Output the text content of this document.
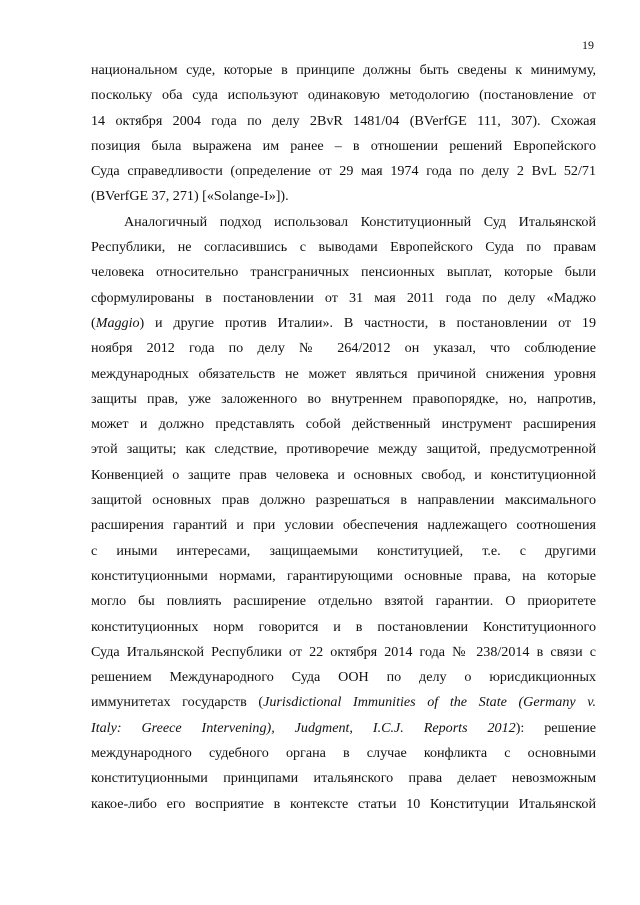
19
национальном суде, которые в принципе должны быть сведены к минимуму,
поскольку оба суда используют одинаковую методологию (постановление от
14 октября 2004 года по делу 2BvR 1481/04 (BVerfGE 111, 307). Схожая
позиция была выражена им ранее – в отношении решений Европейского
Суда справедливости (определение от 29 мая 1974 года по делу 2 BvL 52/71
(BVerfGE 37, 271) [«Solange-I»]).
Аналогичный подход использовал Конституционный Суд Итальянской
Республики, не согласившись с выводами Европейского Суда по правам
человека относительно трансграничных пенсионных выплат, которые были
сформулированы в постановлении от 31 мая 2011 года по делу «Маджо
(Maggio) и другие против Италии». В частности, в постановлении от 19
ноября 2012 года по делу № 264/2012 он указал, что соблюдение
международных обязательств не может являться причиной снижения уровня
защиты прав, уже заложенного во внутреннем правопорядке, но, напротив,
может и должно представлять собой действенный инструмент расширения
этой защиты; как следствие, противоречие между защитой, предусмотренной
Конвенцией о защите прав человека и основных свобод, и конституционной
защитой основных прав должно разрешаться в направлении максимального
расширения гарантий и при условии обеспечения надлежащего соотношения
с иными интересами, защищаемыми конституцией, т.е. с другими
конституционными нормами, гарантирующими основные права, на которые
могло бы повлиять расширение отдельно взятой гарантии. О приоритете
конституционных норм говорится и в постановлении Конституционного
Суда Итальянской Республики от 22 октября 2014 года № 238/2014 в связи с
решением Международного Суда ООН по делу о юрисдикционных
иммунитетах государств (Jurisdictional Immunities of the State (Germany v.
Italy: Greece Intervening), Judgment, I.C.J. Reports 2012): решение
международного судебного органа в случае конфликта с основными
конституционными принципами итальянского права делает невозможным
какое-либо его восприятие в контексте статьи 10 Конституции Итальянской
